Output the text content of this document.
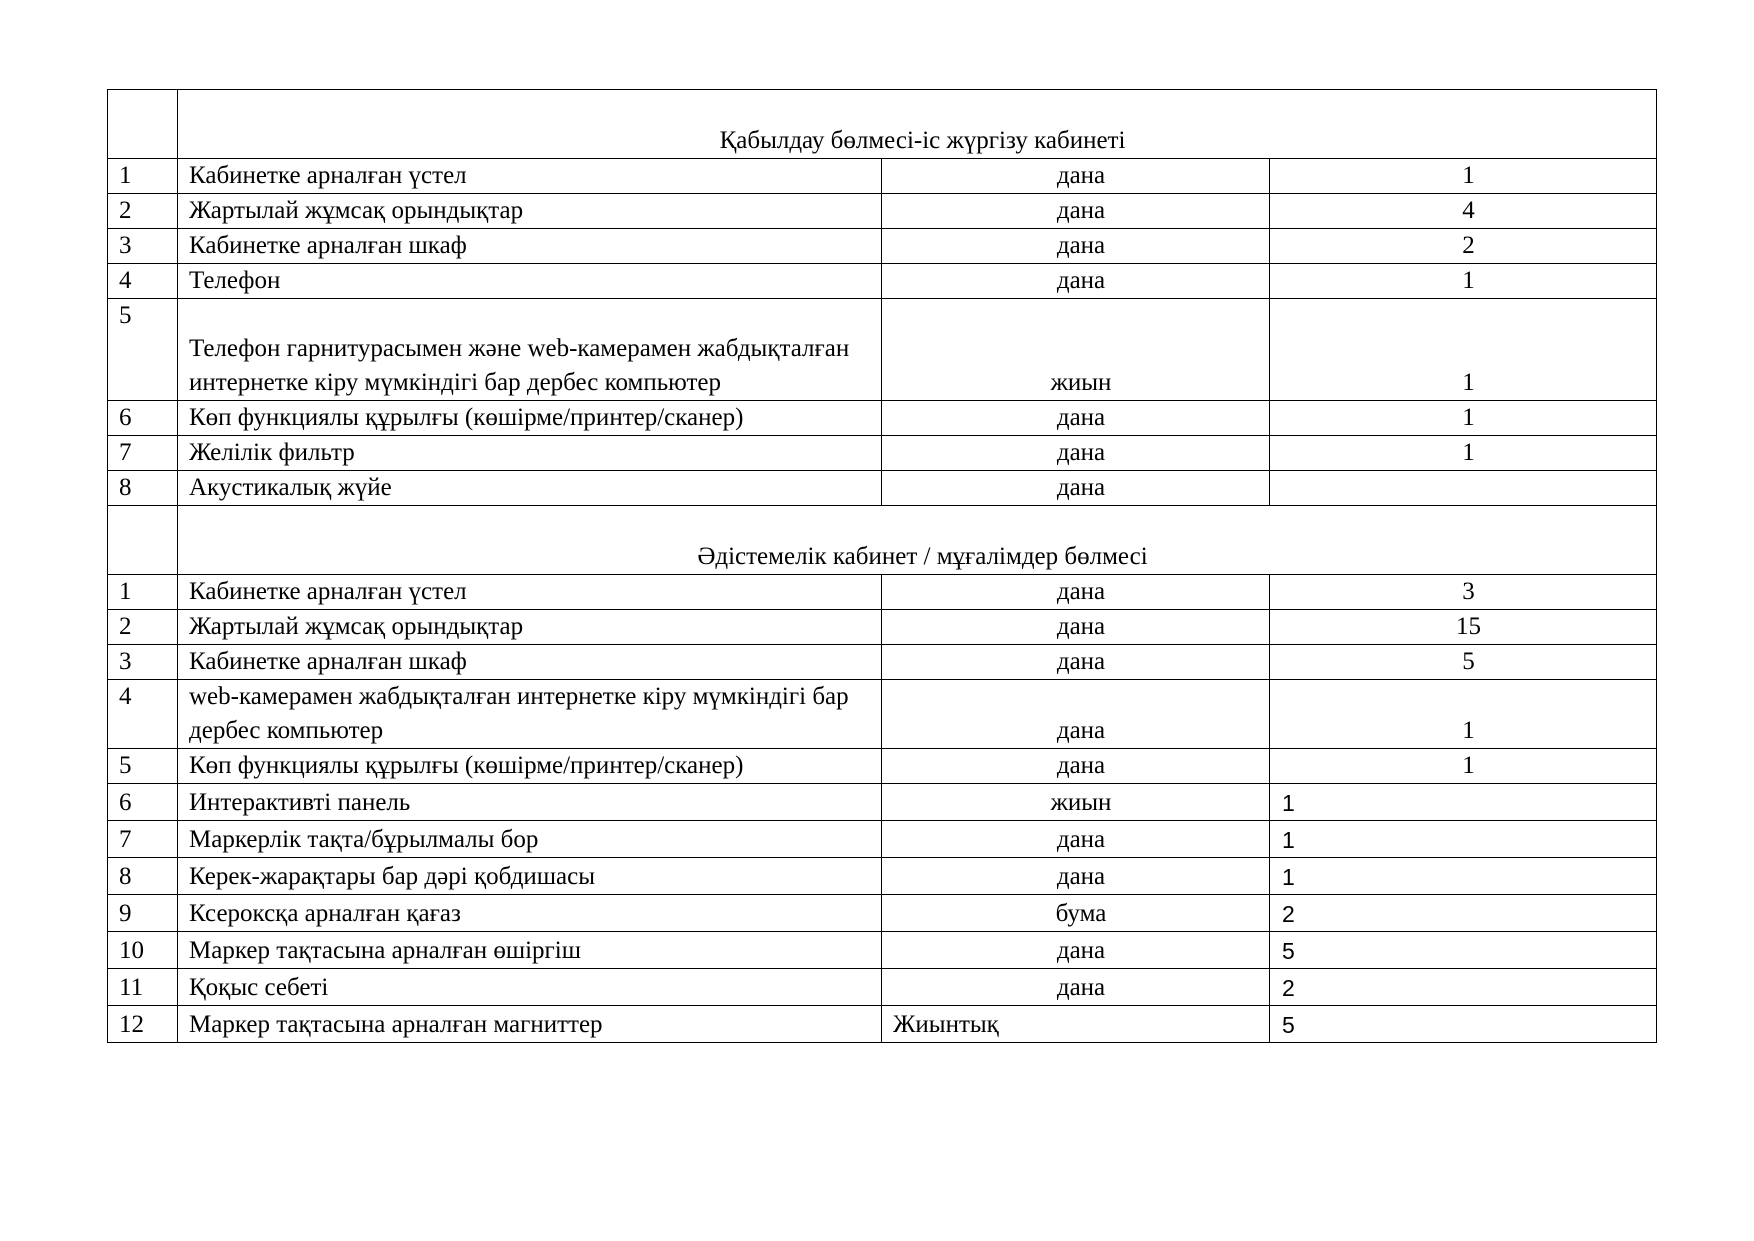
	Қабылдау бөлмесі-іс жүргізу кабинеті		
1	Кабинетке арналған үстел	дана	1
2	Жартылай жұмсақ орындықтар	дана	4
3	Кабинетке арналған шкаф	дана	2
4	Телефон	дана	1
5	Телефон гарнитурасымен және web-камерамен жабдықталған интернетке кіру мүмкіндігі бар дербес компьютер	жиын	1
6	Көп функциялы құрылғы (көшірме/принтер/сканер)	дана	1
7	Желілік фильтр	дана	1
8	Акустикалық жүйе	дана	
	Әдістемелік кабинет / мұғалімдер бөлмесі		
1	Кабинетке арналған үстел	дана	3
2	Жартылай жұмсақ орындықтар	дана	15
3	Кабинетке арналған шкаф	дана	5
4	web-камерамен жабдықталған интернетке кіру мүмкіндігі бар дербес компьютер	дана	1
5	Көп функциялы құрылғы (көшірме/принтер/сканер)	дана	1
6	Интерактивті панель	жиын	1
7	Маркерлік тақта/бұрылмалы бор	дана	1
8	Керек-жарақтары бар дәрі қобдишасы	дана	1
9	Ксероксқа арналған қағаз	бума	2
10	Маркер тақтасына арналған өшіргіш	дана	5
11	Қоқыс себеті	дана	2
12	Маркер тақтасына арналған магниттер	Жиынтық	5
